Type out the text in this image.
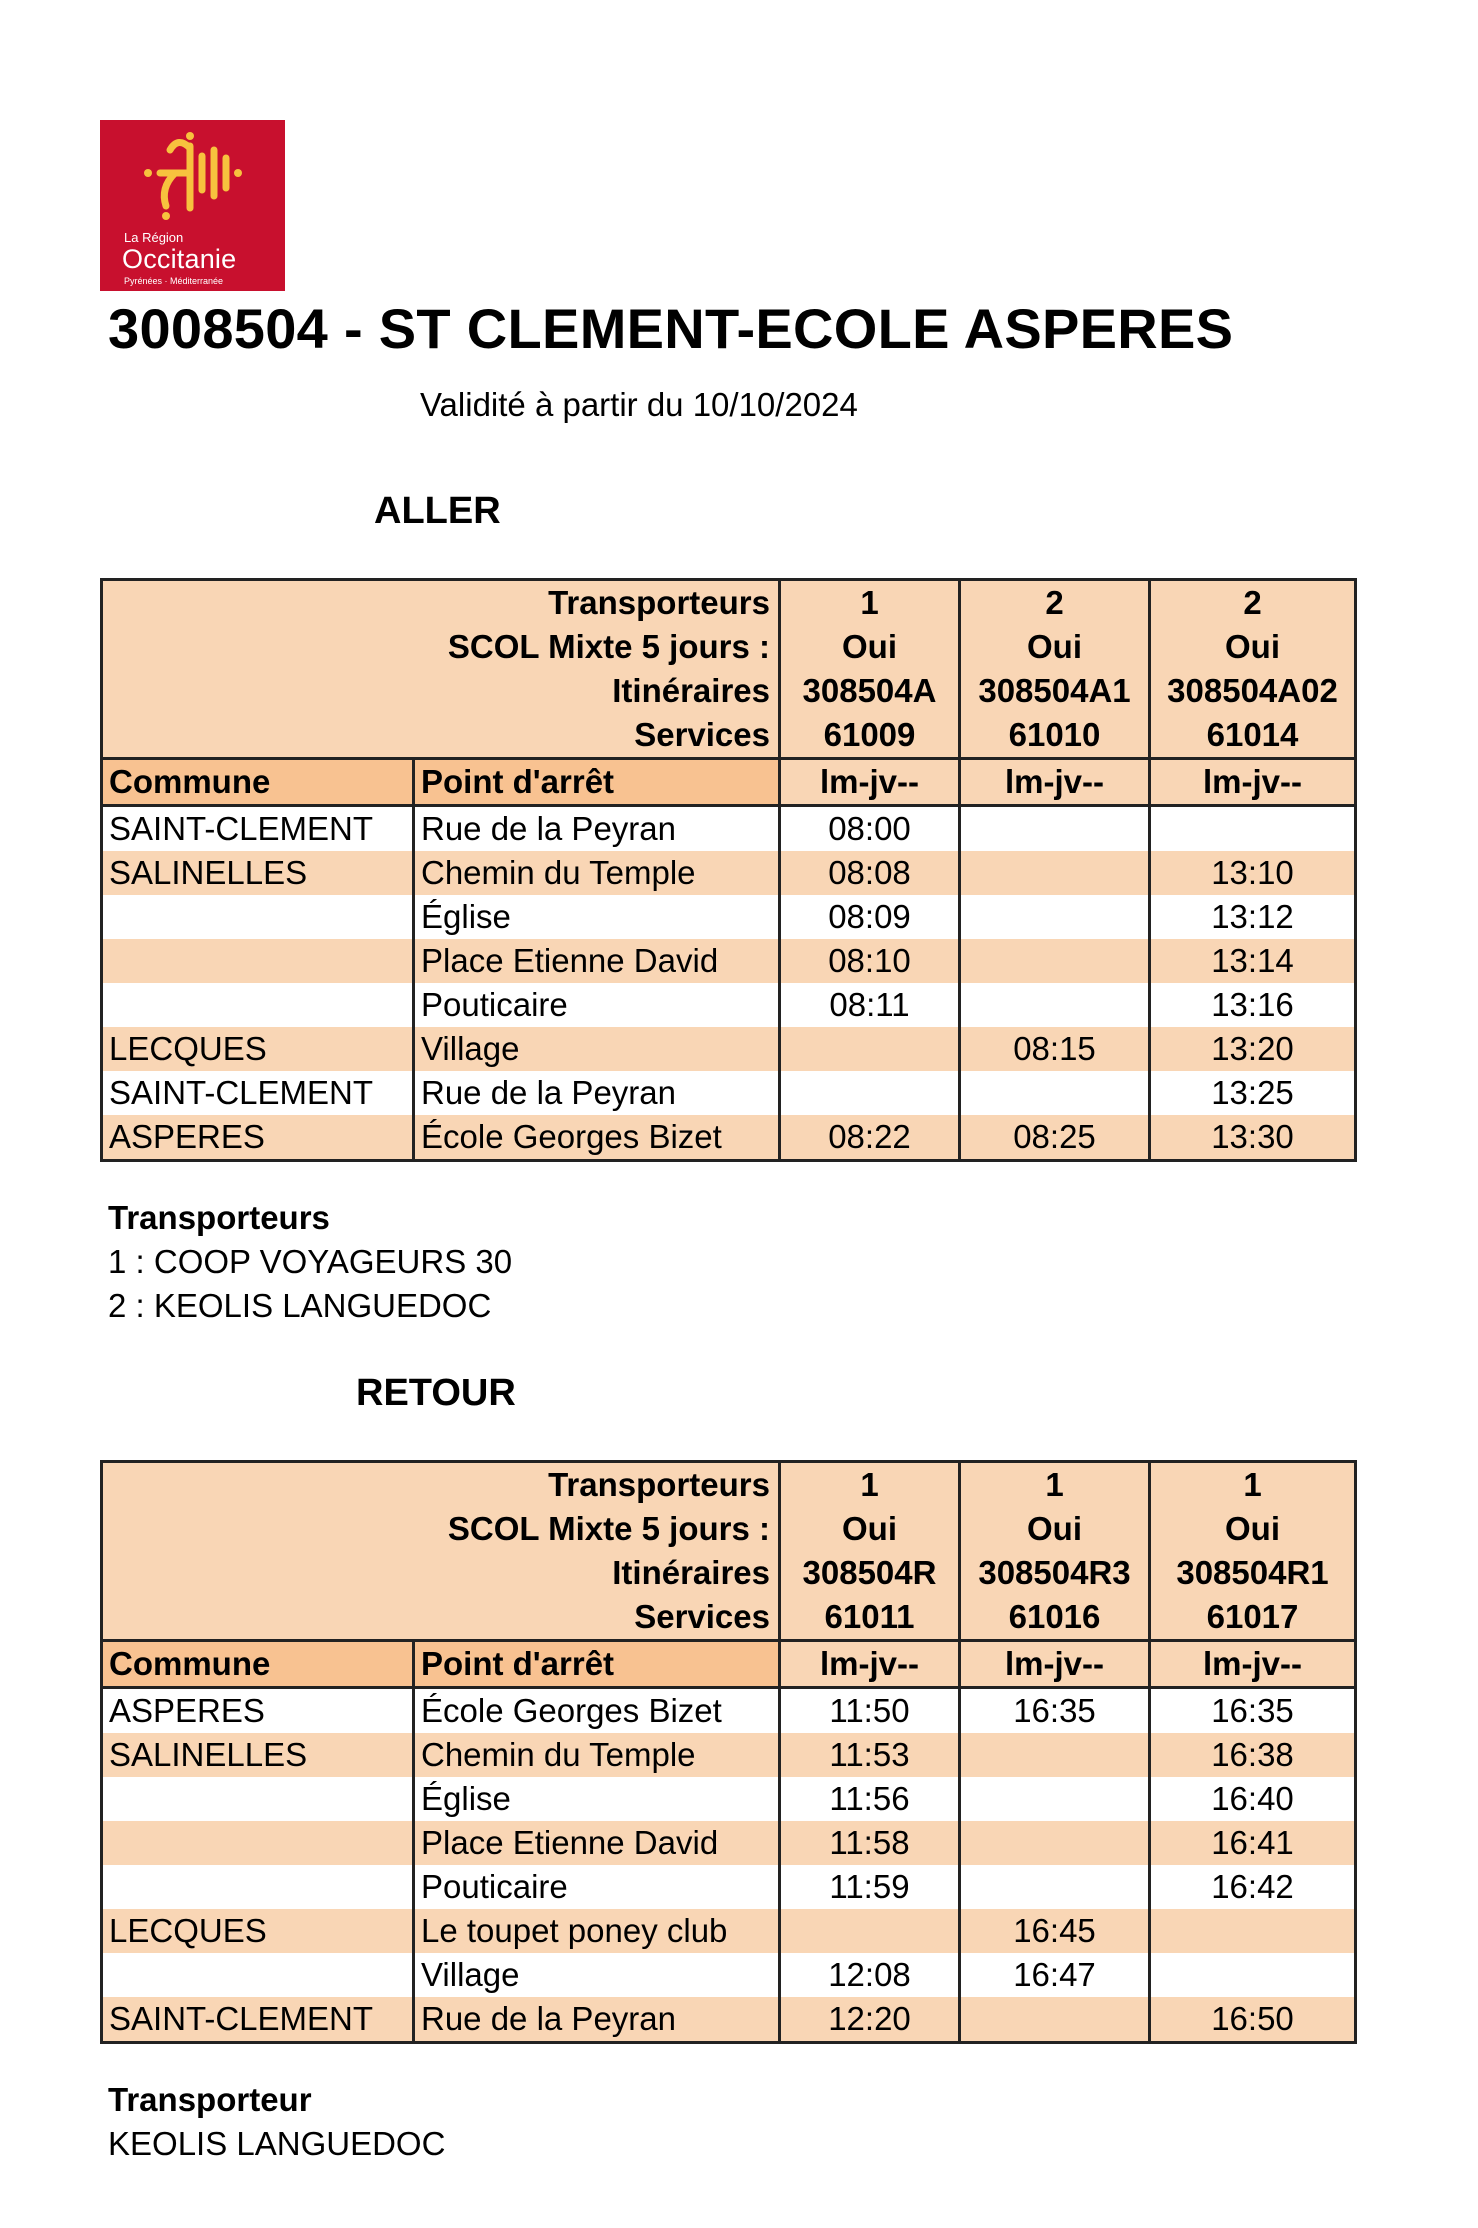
La Région
Occitanie
Pyrénées · Méditerranée
3008504 - ST CLEMENT-ECOLE ASPERES
Validité à partir du 10/10/2024
ALLER
Transporteurs		1	2	2
SCOL Mixte 5 jours :		Oui	Oui	Oui
Itinéraires		308504A	308504A1	308504A02
Services		61009	61010	61014
Commune	Point d'arrêt	lm-jv--	lm-jv--	lm-jv--
SAINT-CLEMENT	Rue de la Peyran	08:00		
SALINELLES	Chemin du Temple	08:08		13:10
	Église	08:09		13:12
	Place Etienne David	08:10		13:14
	Pouticaire	08:11		13:16
LECQUES	Village		08:15	13:20
SAINT-CLEMENT	Rue de la Peyran			13:25
ASPERES	École Georges Bizet	08:22	08:25	13:30
Transporteurs
1 : COOP VOYAGEURS 30
2 : KEOLIS LANGUEDOC
RETOUR
Transporteurs		1	1	1
SCOL Mixte 5 jours :		Oui	Oui	Oui
Itinéraires		308504R	308504R3	308504R1
Services		61011	61016	61017
Commune	Point d'arrêt	lm-jv--	lm-jv--	lm-jv--
ASPERES	École Georges Bizet	11:50	16:35	16:35
SALINELLES	Chemin du Temple	11:53		16:38
	Église	11:56		16:40
	Place Etienne David	11:58		16:41
	Pouticaire	11:59		16:42
LECQUES	Le toupet poney club		16:45	
	Village	12:08	16:47	
SAINT-CLEMENT	Rue de la Peyran	12:20		16:50
Transporteur
KEOLIS LANGUEDOC
